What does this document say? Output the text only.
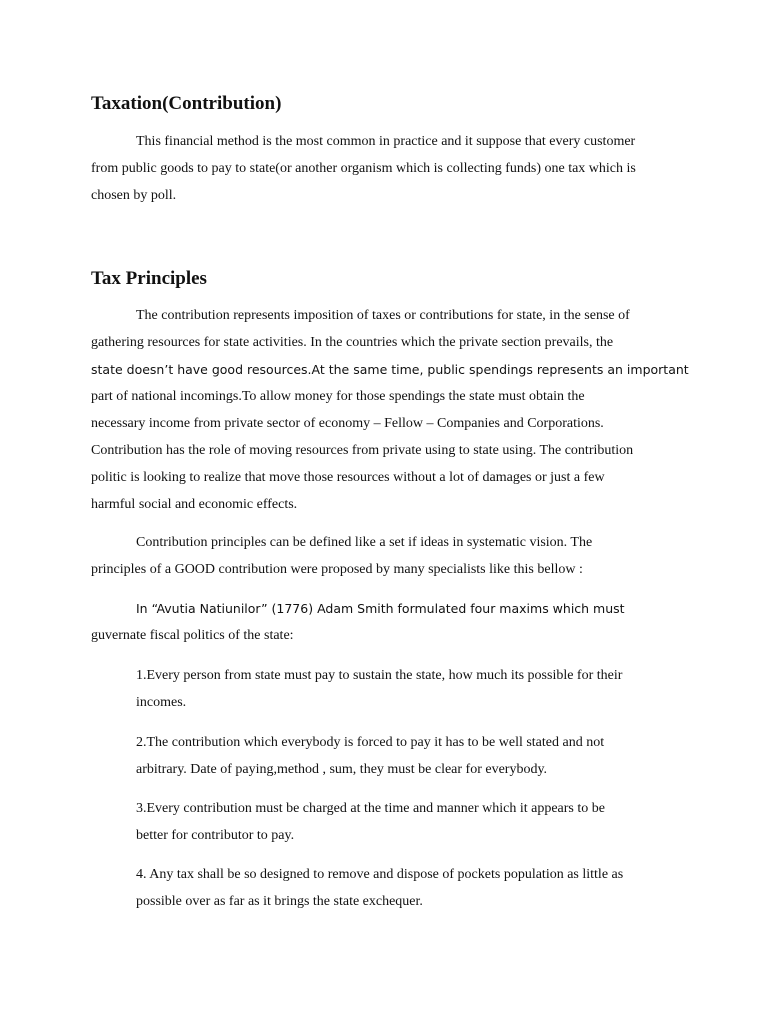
Taxation(Contribution)

This financial method is the most common in practice and it suppose that every customer
from public goods to pay to state(or another organism which is collecting funds) one tax which is
chosen by poll.

Tax Principles

The contribution represents imposition of taxes or contributions for state, in the sense of
gathering resources for state activities. In the countries which the private section prevails, the
state doesn’t have good resources.At the same time, public spendings represents an important
part of national incomings.To allow money for those spendings the state must obtain the
necessary income from private sector of economy – Fellow – Companies and Corporations.
Contribution has the role of moving resources from private using to state using. The contribution
politic is looking to realize that move those resources without a lot of damages or just a few
harmful social and economic effects.

Contribution principles can be defined like a set if ideas in systematic vision. The
principles of a GOOD contribution were proposed by many specialists like this bellow :

In “Avutia Natiunilor” (1776) Adam Smith formulated four maxims which must
guvernate fiscal politics of the state:

1.Every person from state must pay to sustain the state, how much its possible for their
incomes.

2.The contribution which everybody is forced to pay it has to be well stated and not
arbitrary. Date of paying,method , sum, they must be clear for everybody.

3.Every contribution must be charged at the time and manner which it appears to be
better for contributor to pay.

4. Any tax shall be so designed to remove and dispose of pockets population as little as
possible over as far as it brings the state exchequer.
